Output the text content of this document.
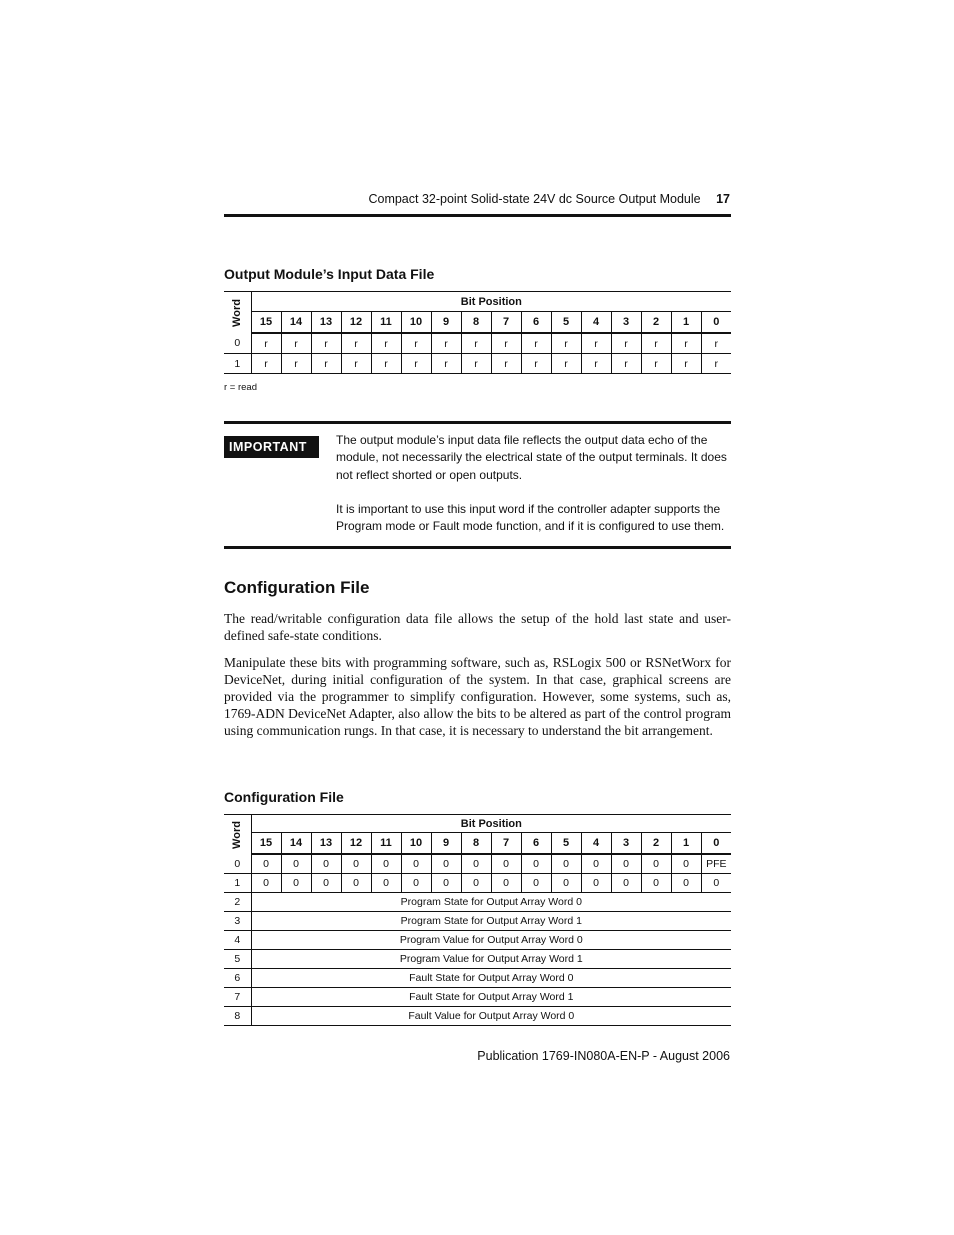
Compact 32-point Solid-state 24V dc Source Output Module 17
Output Module’s Input Data File
Word	Bit Position															
	15	14	13	12	11	10	9	8	7	6	5	4	3	2	1	0
0	r	r	r	r	r	r	r	r	r	r	r	r	r	r	r	r
1	r	r	r	r	r	r	r	r	r	r	r	r	r	r	r	r
r = read
IMPORTANT	The output module’s input data file reflects the output data echo of the module, not necessarily the electrical state of the output terminals. It does not reflect shorted or open outputs.
It is important to use this input word if the controller adapter supports the Program mode or Fault mode function, and if it is configured to use them.
Configuration File
The read/writable configuration data file allows the setup of the hold last state and user-defined safe-state conditions.
Manipulate these bits with programming software, such as, RSLogix 500 or RSNetWorx for DeviceNet, during initial configuration of the system. In that case, graphical screens are provided via the programmer to simplify configuration. However, some systems, such as, 1769-ADN DeviceNet Adapter, also allow the bits to be altered as part of the control program using communication rungs. In that case, it is necessary to understand the bit arrangement.
Configuration File
Word	Bit Position															
	15	14	13	12	11	10	9	8	7	6	5	4	3	2	1	0
0	0	0	0	0	0	0	0	0	0	0	0	0	0	0	0	PFE
1	0	0	0	0	0	0	0	0	0	0	0	0	0	0	0	0
2	Program State for Output Array Word 0															
3	Program State for Output Array Word 1															
4	Program Value for Output Array Word 0															
5	Program Value for Output Array Word 1															
6	Fault State for Output Array Word 0															
7	Fault State for Output Array Word 1															
8	Fault Value for Output Array Word 0															
Publication 1769-IN080A-EN-P - August 2006
